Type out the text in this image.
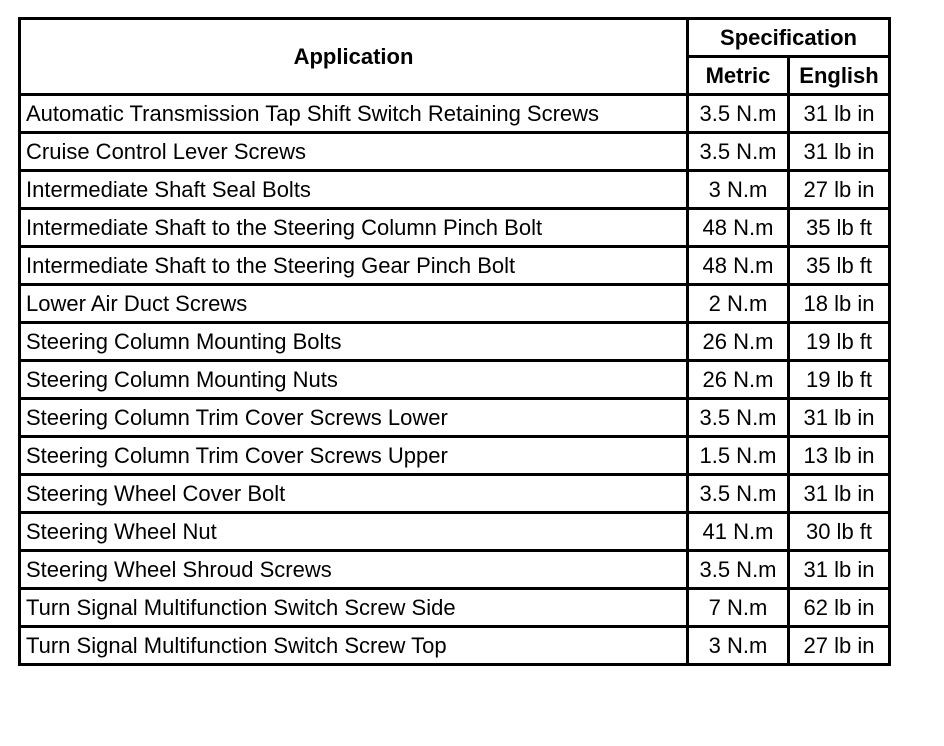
Application	Specification	
	Metric	English
Automatic Transmission Tap Shift Switch Retaining Screws	3.5 N.m	31 lb in
Cruise Control Lever Screws	3.5 N.m	31 lb in
Intermediate Shaft Seal Bolts	3 N.m	27 lb in
Intermediate Shaft to the Steering Column Pinch Bolt	48 N.m	35 lb ft
Intermediate Shaft to the Steering Gear Pinch Bolt	48 N.m	35 lb ft
Lower Air Duct Screws	2 N.m	18 lb in
Steering Column Mounting Bolts	26 N.m	19 lb ft
Steering Column Mounting Nuts	26 N.m	19 lb ft
Steering Column Trim Cover Screws Lower	3.5 N.m	31 lb in
Steering Column Trim Cover Screws Upper	1.5 N.m	13 lb in
Steering Wheel Cover Bolt	3.5 N.m	31 lb in
Steering Wheel Nut	41 N.m	30 lb ft
Steering Wheel Shroud Screws	3.5 N.m	31 lb in
Turn Signal Multifunction Switch Screw Side	7 N.m	62 lb in
Turn Signal Multifunction Switch Screw Top	3 N.m	27 lb in
